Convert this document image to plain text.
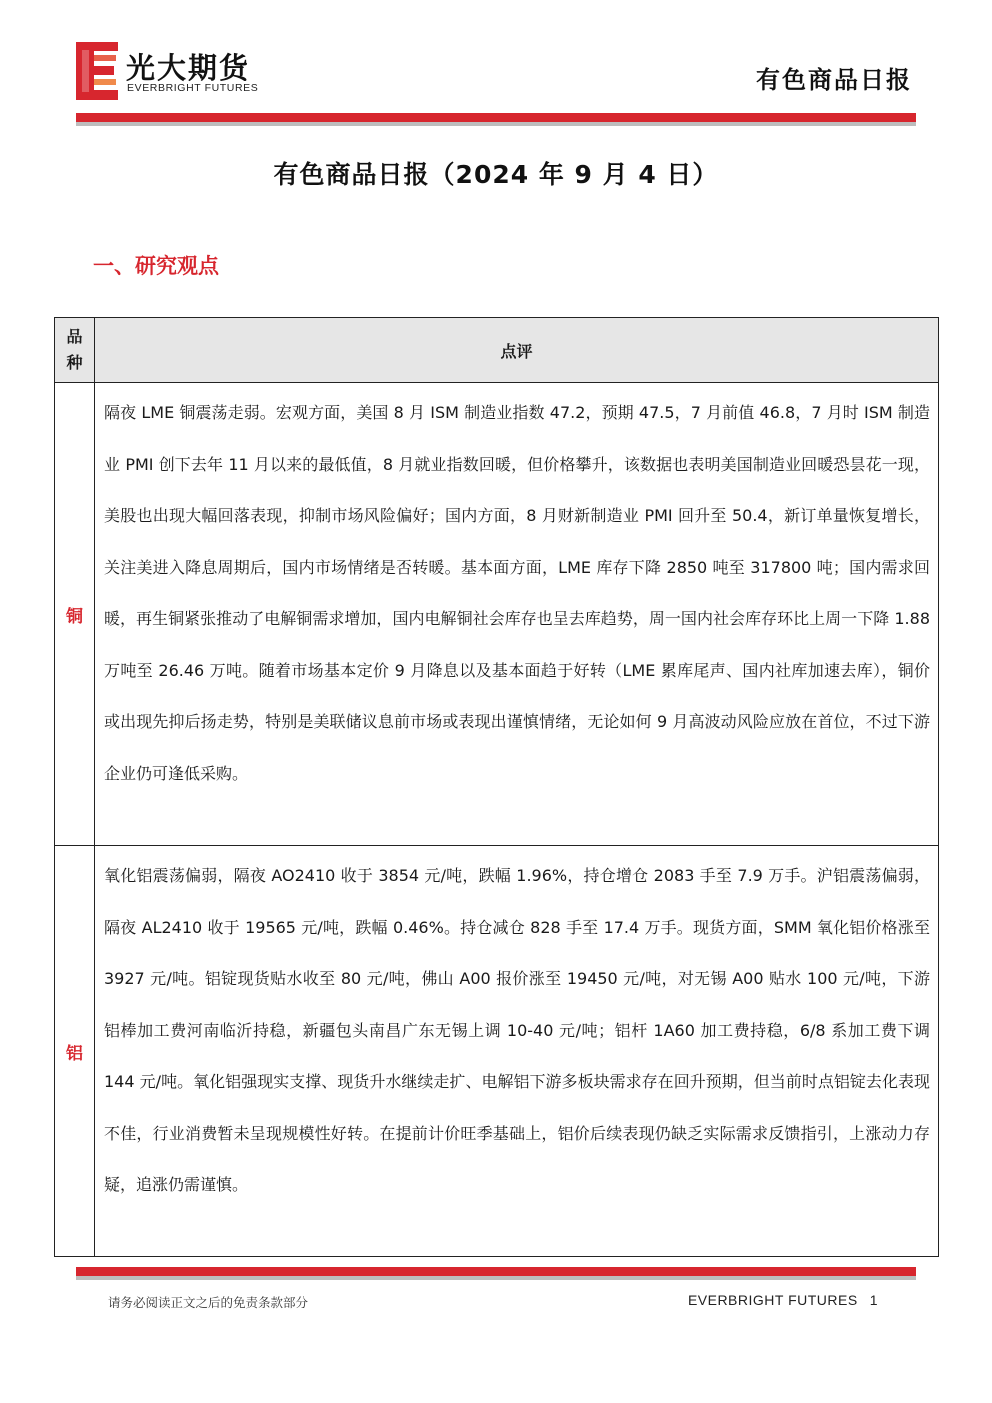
光大期货
EVERBRIGHT FUTURES	有色商品日报
有色商品日报（2024 年 9 月 4 日）
一、研究观点
品种	点评
铜	隔夜 LME 铜震荡走弱。宏观方面，美国 8 月 ISM 制造业指数 47.2，预期 47.5，7 月前值 46.8，7 月时 ISM 制造业 PMI 创下去年 11 月以来的最低值，8 月就业指数回暖，但价格攀升，该数据也表明美国制造业回暖恐昙花一现，美股也出现大幅回落表现，抑制市场风险偏好；国内方面，8 月财新制造业 PMI 回升至 50.4，新订单量恢复增长，关注美进入降息周期后，国内市场情绪是否转暖。基本面方面，LME 库存下降 2850 吨至 317800 吨；国内需求回暖，再生铜紧张推动了电解铜需求增加，国内电解铜社会库存也呈去库趋势，周一国内社会库存环比上周一下降 1.88 万吨至 26.46 万吨。随着市场基本定价 9 月降息以及基本面趋于好转（LME 累库尾声、国内社库加速去库），铜价或出现先抑后扬走势，特别是美联储议息前市场或表现出谨慎情绪，无论如何 9 月高波动风险应放在首位，不过下游企业仍可逢低采购。
铝	氧化铝震荡偏弱，隔夜 AO2410 收于 3854 元/吨，跌幅 1.96%，持仓增仓 2083 手至 7.9 万手。沪铝震荡偏弱，隔夜 AL2410 收于 19565 元/吨，跌幅 0.46%。持仓减仓 828 手至 17.4 万手。现货方面，SMM 氧化铝价格涨至 3927 元/吨。铝锭现货贴水收至 80 元/吨，佛山 A00 报价涨至 19450 元/吨，对无锡 A00 贴水 100 元/吨，下游铝棒加工费河南临沂持稳，新疆包头南昌广东无锡上调 10-40 元/吨；铝杆 1A60 加工费持稳，6/8 系加工费下调 144 元/吨。氧化铝强现实支撑、现货升水继续走扩、电解铝下游多板块需求存在回升预期，但当前时点铝锭去化表现不佳，行业消费暂未呈现规模性好转。在提前计价旺季基础上，铝价后续表现仍缺乏实际需求反馈指引，上涨动力存疑，追涨仍需谨慎。
请务必阅读正文之后的免责条款部分	EVERBRIGHT FUTURES 1
